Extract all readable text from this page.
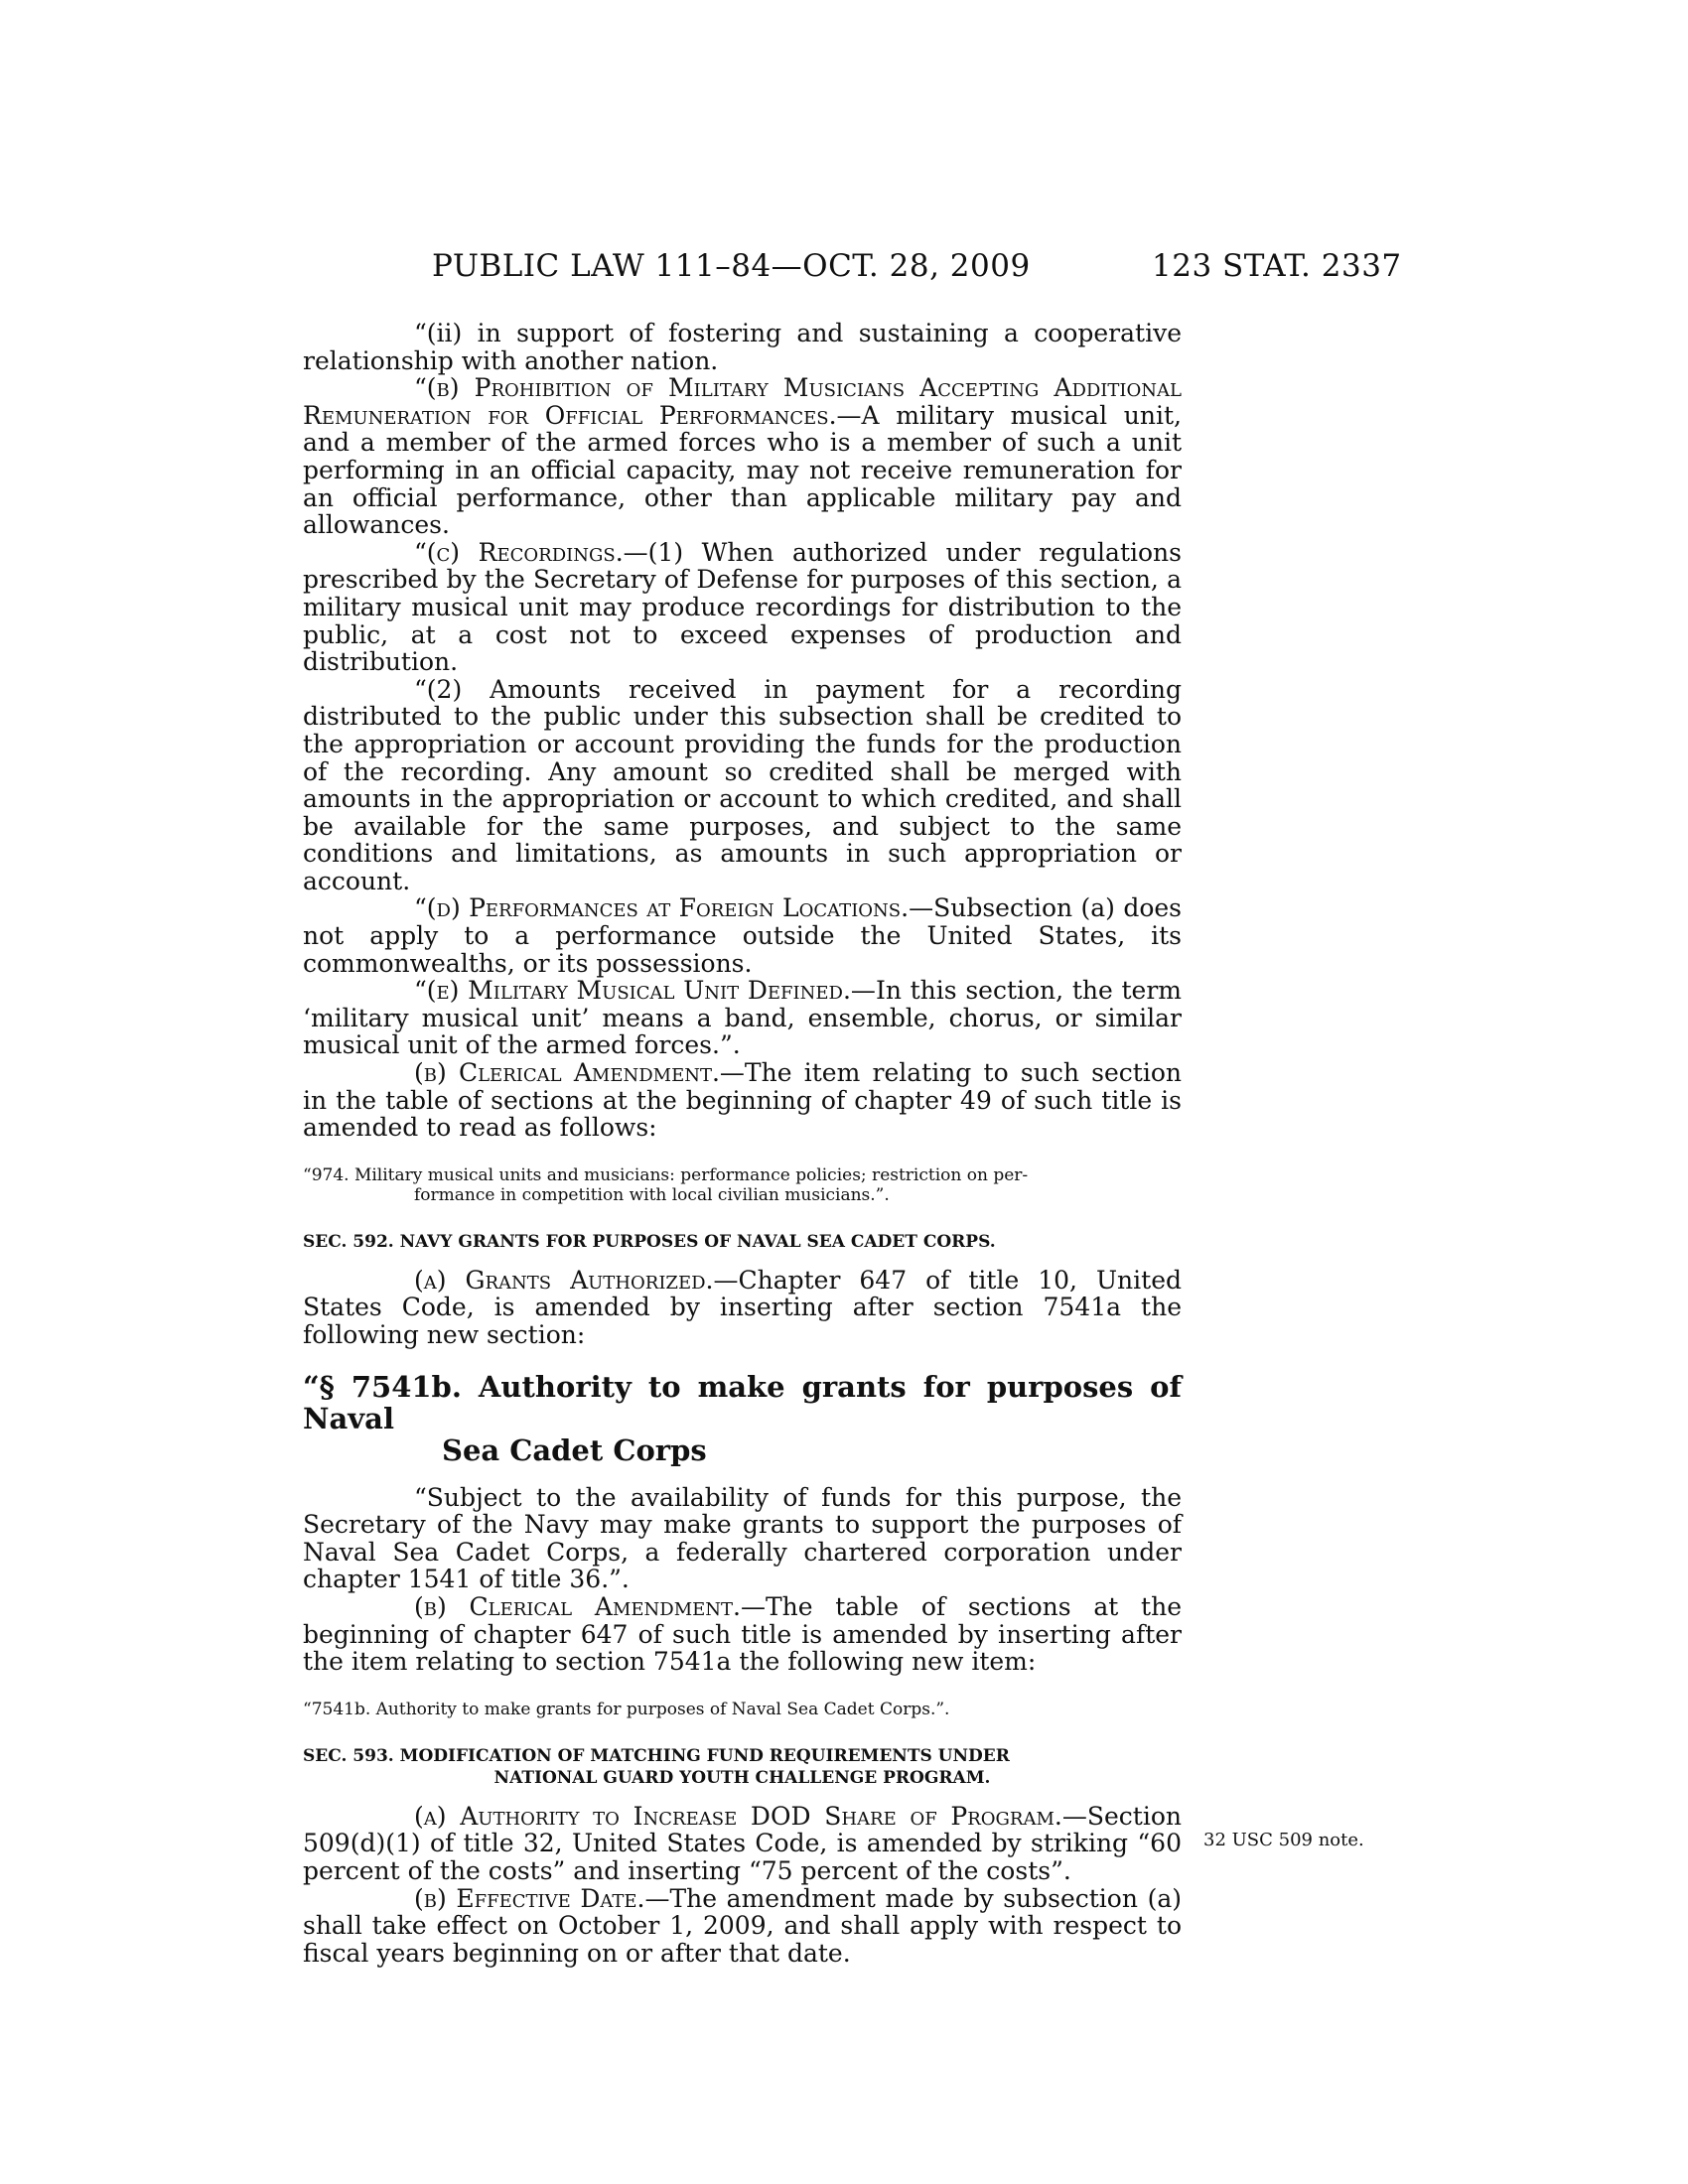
PUBLIC LAW 111–84—OCT. 28, 2009	123 STAT. 2337

“(ii) in support of fostering and sustaining a cooperative relationship with another nation.

“(b) Prohibition of Military Musicians Accepting Additional Remuneration for Official Performances.—A military musical unit, and a member of the armed forces who is a member of such a unit performing in an official capacity, may not receive remuneration for an official performance, other than applicable military pay and allowances.

“(c) Recordings.—(1) When authorized under regulations prescribed by the Secretary of Defense for purposes of this section, a military musical unit may produce recordings for distribution to the public, at a cost not to exceed expenses of production and distribution.

“(2) Amounts received in payment for a recording distributed to the public under this subsection shall be credited to the appropriation or account providing the funds for the production of the recording. Any amount so credited shall be merged with amounts in the appropriation or account to which credited, and shall be available for the same purposes, and subject to the same conditions and limitations, as amounts in such appropriation or account.

“(d) Performances at Foreign Locations.—Subsection (a) does not apply to a performance outside the United States, its commonwealths, or its possessions.

“(e) Military Musical Unit Defined.—In this section, the term ‘military musical unit’ means a band, ensemble, chorus, or similar musical unit of the armed forces.”.

(b) Clerical Amendment.—The item relating to such section in the table of sections at the beginning of chapter 49 of such title is amended to read as follows:

“974. Military musical units and musicians: performance policies; restriction on per-
formance in competition with local civilian musicians.”.

SEC. 592. NAVY GRANTS FOR PURPOSES OF NAVAL SEA CADET CORPS.

(a) Grants Authorized.—Chapter 647 of title 10, United States Code, is amended by inserting after section 7541a the following new section:

“§ 7541b. Authority to make grants for purposes of Naval
Sea Cadet Corps

“Subject to the availability of funds for this purpose, the Secretary of the Navy may make grants to support the purposes of Naval Sea Cadet Corps, a federally chartered corporation under chapter 1541 of title 36.”.

(b) Clerical Amendment.—The table of sections at the beginning of chapter 647 of such title is amended by inserting after the item relating to section 7541a the following new item:

“7541b. Authority to make grants for purposes of Naval Sea Cadet Corps.”.

SEC. 593. MODIFICATION OF MATCHING FUND REQUIREMENTS UNDER
NATIONAL GUARD YOUTH CHALLENGE PROGRAM.

(a) Authority to Increase DOD Share of Program.—Section 509(d)(1) of title 32, United States Code, is amended by striking “60 percent of the costs” and inserting “75 percent of the costs”.

(b) Effective Date.—The amendment made by subsection (a) shall take effect on October 1, 2009, and shall apply with respect to fiscal years beginning on or after that date.

32 USC 509 note.
